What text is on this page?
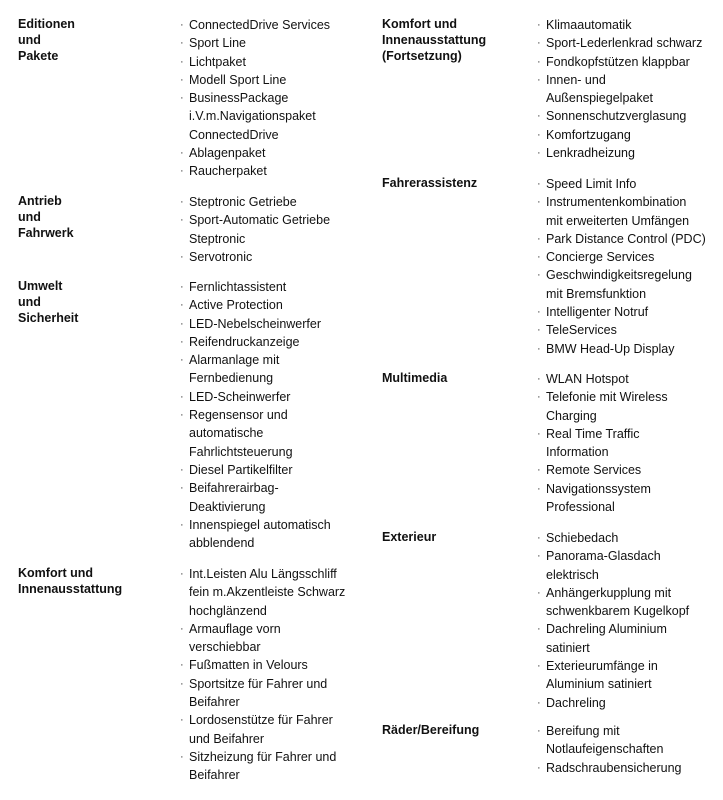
Editionen und
Pakete
· ConnectedDrive Services
· Sport Line
· Lichtpaket
· Modell Sport Line
· BusinessPackage
i.V.m.Navigationspaket
ConnectedDrive
· Ablagenpaket
· Raucherpaket
Antrieb und
Fahrwerk
· Steptronic Getriebe
· Sport-Automatic Getriebe
Steptronic
· Servotronic
Umwelt und
Sicherheit
· Fernlichtassistent
· Active Protection
· LED-Nebelscheinwerfer
· Reifendruckanzeige
· Alarmanlage mit
Fernbedienung
· LED-Scheinwerfer
· Regensensor und
automatische
Fahrlichtsteuerung
· Diesel Partikelfilter
· Beifahrerairbag-
Deaktivierung
· Innenspiegel automatisch
abblendend
Komfort und
Innenausstattung
· Int.Leisten Alu Längsschliff
fein m.Akzentleiste Schwarz
hochglänzend
· Armauflage vorn
verschiebbar
· Fußmatten in Velours
· Sportsitze für Fahrer und
Beifahrer
· Lordosenstütze für Fahrer
und Beifahrer
· Sitzheizung für Fahrer und
Beifahrer
Komfort und
Innenausstattung
(Fortsetzung)
· Klimaautomatik
· Sport-Lederlenkrad schwarz
· Fondkopfstützen klappbar
· Innen- und
Außenspiegelpaket
· Sonnenschutzverglasung
· Komfortzugang
· Lenkradheizung
Fahrerassistenz	· Speed Limit Info
· Instrumentenkombination
mit erweiterten Umfängen
· Park Distance Control (PDC)
· Concierge Services
· Geschwindigkeitsregelung
mit Bremsfunktion
· Intelligenter Notruf
· TeleServices
· BMW Head-Up Display
Multimedia	· WLAN Hotspot
· Telefonie mit Wireless
Charging
· Real Time Traffic
Information
· Remote Services
· Navigationssystem
Professional
Exterieur	· Schiebedach
· Panorama-Glasdach
elektrisch
· Anhängerkupplung mit
schwenkbarem Kugelkopf
· Dachreling Aluminium
satiniert
· Exterieurumfänge in
Aluminium satiniert
· Dachreling
Räder/Bereifung	· Bereifung mit
Notlaufeigenschaften
· Radschraubensicherung
